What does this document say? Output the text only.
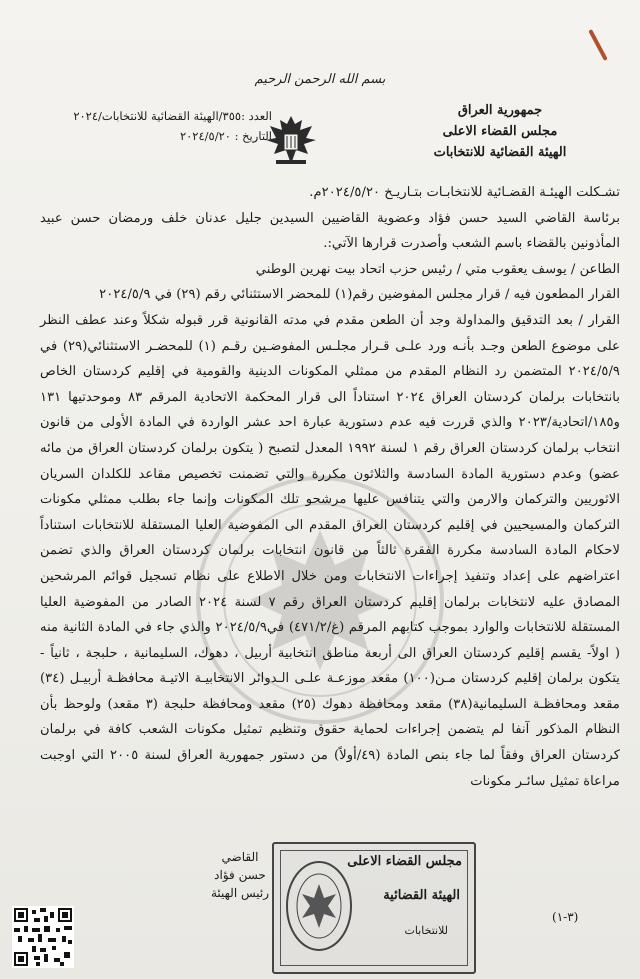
بسم الله الرحمن الرحيم
جمهورية العراق
مجلس القضاء الاعلى
الهيئة القضائية للانتخابات
العدد :٣٥٥/الهيئة القضائية للانتخابات/٢٠٢٤
التاريخ : ٢٠٢٤/٥/٢٠

تشـكلت الهيئـة القضـائية للانتخابـات بتـاريـخ ٢٠٢٤/٥/٢٠م.

برئاسة القاضي السيد حسن فؤاد وعضوية القاضيين السيدين جليل عدنان خلف ورمضان حسن عبيد المأذونين بالقضاء باسم الشعب وأصدرت قرارها الآتي:.

الطاعن / يوسف يعقوب متي / رئيس حزب اتحاد بيت نهرين الوطني

القرار المطعون فيه / قرار مجلس المفوضين رقم(١) للمحضر الاستثنائي رقم (٢٩) في ٢٠٢٤/٥/٩

القرار / بعد التدقيق والمداولة وجد أن الطعن مقدم في مدته القانونية قرر قبوله شكلاً وعند عطف النظر على موضوع الطعن وجـد بأنـه ورد علـى قـرار مجلـس المفوضـين رقـم (١) للمحضـر الاستثنائي(٢٩) في ٢٠٢٤/٥/٩ المتضمن رد النظام المقدم من ممثلي المكونات الدينية والقومية في إقليم كردستان الخاص بانتخابات برلمان كردستان العراق ٢٠٢٤ استناداً الى قرار المحكمة الاتحادية المرقم ٨٣ وموحدتيها ١٣١ و١٨٥/اتحادية/٢٠٢٣ والذي قررت فيه عدم دستورية عبارة احد عشر الواردة في المادة الأولى من قانون انتخاب برلمان كردستان العراق رقم ١ لسنة ١٩٩٢ المعدل لتصبح ( يتكون برلمان كردستان العراق من مائه عضو) وعدم دستورية المادة السادسة والثلاثون مكررة والتي تضمنت تخصيص مقاعد للكلدان السريان الاثوريين والتركمان والارمن والتي يتنافس عليها مرشحو تلك المكونات وإنما جاء بطلب ممثلي مكونات التركمان والمسيحيين في إقليم كردستان العراق المقدم الى المفوضية العليا المستقلة للانتخابات استناداً لاحكام المادة السادسة مكررة الفقرة ثالثاً من قانون انتخابات برلمان كردستان العراق والذي تضمن اعتراضهم على إعداد وتنفيذ إجراءات الانتخابات ومن خلال الاطلاع على نظام تسجيل قوائم المرشحين المصادق عليه لانتخابات برلمان إقليم كردستان العراق رقم ٧ لسنة ٢٠٢٤ الصادر من المفوضية العليا المستقلة للانتخابات والوارد بموجب كتابهم المرقم (غ/٤٧١/٢) في٢٠٢٤/٥/٩ والذي جاء في المادة الثانية منه ( اولاً- يقسم إقليم كردستان العراق الى أربعة مناطق انتخابية أربيل ، دهوك، السليمانية ، حلبجة ، ثانياً - يتكون برلمان إقليم كردستان مـن(١٠٠) مقعد موزعـة علـى الـدوائر الانتخابيـة الاتيـة محافظـة أربيـل (٣٤) مقعد ومحافظـة السليمانية(٣٨) مقعد ومحافظة دهوك (٢٥) مقعد ومحافظة حلبجة (٣ مقعد) ولوحظ بأن النظام المذكور آنفا لم يتضمن إجراءات لحماية حقوق وتنظيم تمثيل مكونات الشعب كافة في برلمان كردستان العراق وفقاً لما جاء بنص المادة (٤٩/أولاً) من دستور جمهورية العراق لسنة ٢٠٠٥ التي اوجبت مراعاة تمثيل سائـر مكونات

القاضي
حسن فؤاد
رئيس الهيئة
مجلس القضاء الاعلى
الهيئة القضائية
للانتخابات
(٣-١)
